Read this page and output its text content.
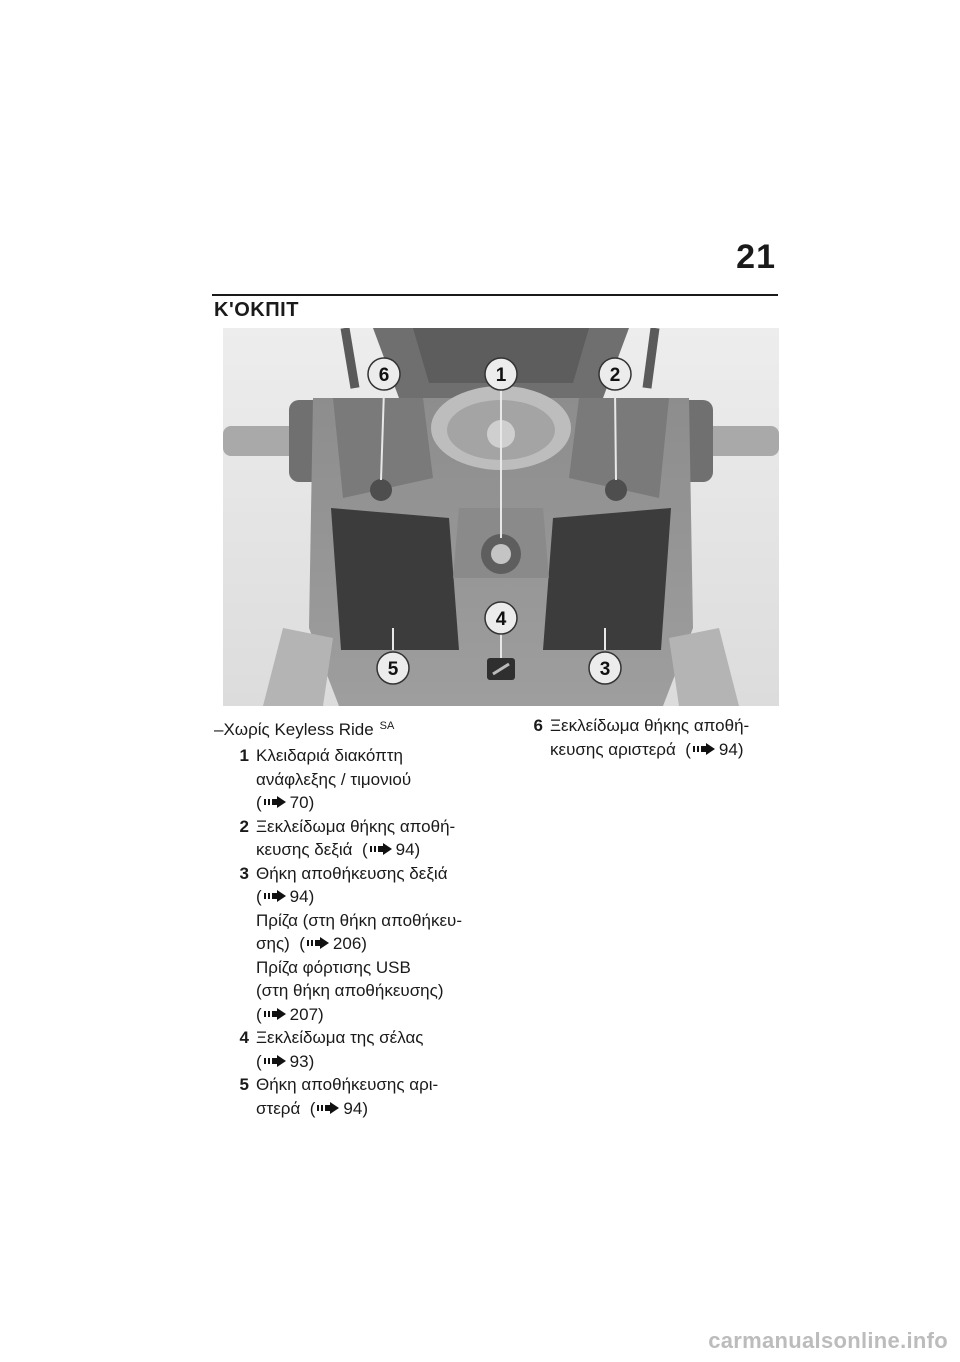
21
Κ'ΟΚΠΙΤ
1	2
3
4
5
6
–Χωρίς Keyless Ride $^{SA}$
1 Κλειδαριά διακόπτη
ανάφλεξης / τιμονιού
( 70)
2 Ξεκλείδωμα θήκης αποθή-
κευσης δεξιά  ( 94)
3 Θήκη αποθήκευσης δεξιά
( 94)
Πρίζα (στη θήκη αποθήκευ-
σης)  ( 206)
Πρίζα φόρτισης USB
(στη θήκη αποθήκευσης)
( 207)
4 Ξεκλείδωμα της σέλας
( 93)
5 Θήκη αποθήκευσης αρι-
στερά  ( 94)
6 Ξεκλείδωμα θήκης αποθή-
κευσης αριστερά  ( 94)
carmanualsonline.info
